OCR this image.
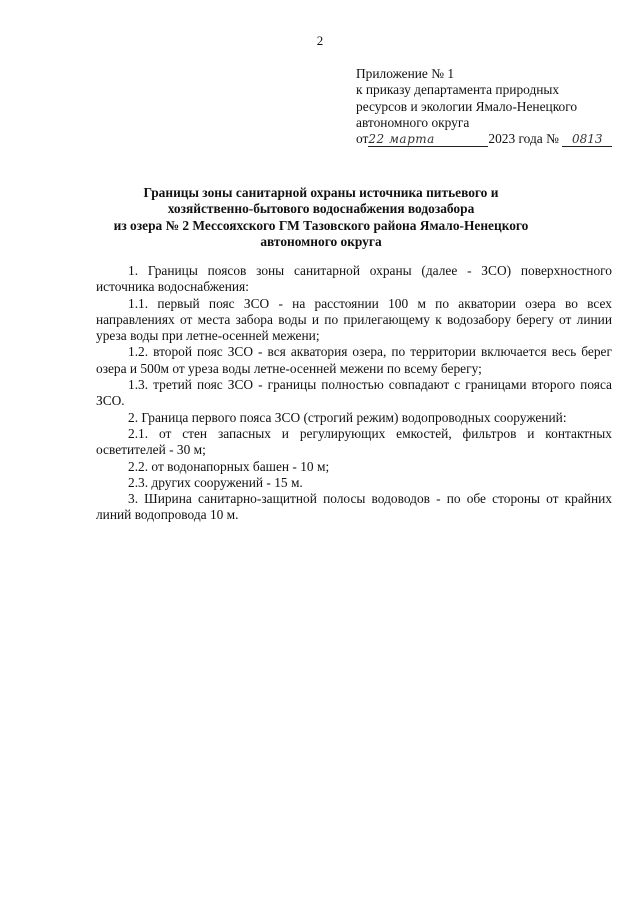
2
Приложение № 1
к приказу департамента природных
ресурсов и экологии Ямало-Ненецкого
автономного округа
от22 марта	2023 года № 0813
Границы зоны санитарной охраны источника питьевого и
хозяйственно-бытового водоснабжения водозабора
из озера № 2 Мессояхского ГМ Тазовского района Ямало-Ненецкого
автономного округа

1. Границы поясов зоны санитарной охраны (далее - ЗСО) поверхностного источника водоснабжения:

1.1. первый пояс ЗСО - на расстоянии 100 м по акватории озера во всех направлениях от места забора воды и по прилегающему к водозабору берегу от линии уреза воды при летне-осенней межени;

1.2. второй пояс ЗСО - вся акватория озера, по территории включается весь берег озера и 500м от уреза воды летне-осенней межени по всему берегу;

1.3. третий пояс ЗСО - границы полностью совпадают с границами второго пояса ЗСО.

2. Граница первого пояса ЗСО (строгий режим) водопроводных сооружений:

2.1. от стен запасных и регулирующих емкостей, фильтров и контактных осветителей - 30 м;

2.2. от водонапорных башен - 10 м;

2.3. других сооружений - 15 м.

3. Ширина санитарно-защитной полосы водоводов - по обе стороны от крайних линий водопровода 10 м.
